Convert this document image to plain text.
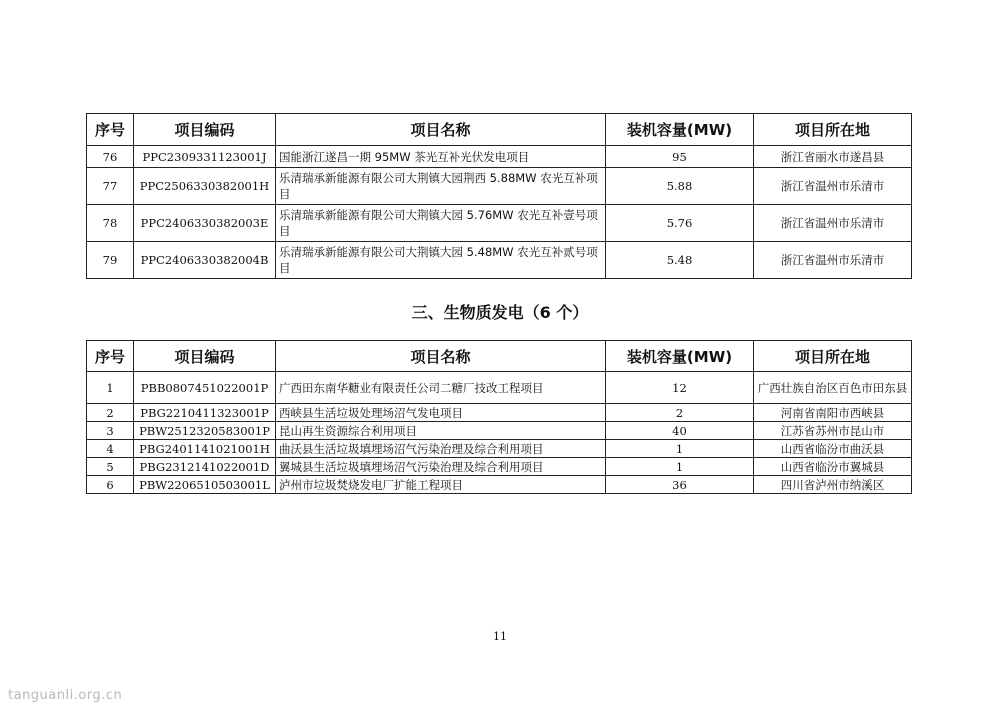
序号	项目编码	项目名称	装机容量(MW)	项目所在地
76	PPC2309331123001J	国能浙江遂昌一期 95MW 茶光互补光伏发电项目	95	浙江省丽水市遂昌县
77	PPC2506330382001H	乐清瑞承新能源有限公司大荆镇大园荆西 5.88MW 农光互补项目	5.88	浙江省温州市乐清市
78	PPC2406330382003E	乐清瑞承新能源有限公司大荆镇大园 5.76MW 农光互补壹号项目	5.76	浙江省温州市乐清市
79	PPC2406330382004B	乐清瑞承新能源有限公司大荆镇大园 5.48MW 农光互补贰号项目	5.48	浙江省温州市乐清市
三、生物质发电（6 个）
序号	项目编码	项目名称	装机容量(MW)	项目所在地
1	PBB0807451022001P	广西田东南华糖业有限责任公司二糖厂技改工程项目	12	广西壮族自治区百色市田东县
2	PBG2210411323001P	西峡县生活垃圾处理场沼气发电项目	2	河南省南阳市西峡县
3	PBW2512320583001P	昆山再生资源综合利用项目	40	江苏省苏州市昆山市
4	PBG2401141021001H	曲沃县生活垃圾填埋场沼气污染治理及综合利用项目	1	山西省临汾市曲沃县
5	PBG2312141022001D	翼城县生活垃圾填埋场沼气污染治理及综合利用项目	1	山西省临汾市翼城县
6	PBW2206510503001L	泸州市垃圾焚烧发电厂扩能工程项目	36	四川省泸州市纳溪区
11
tanguanli.org.cn
